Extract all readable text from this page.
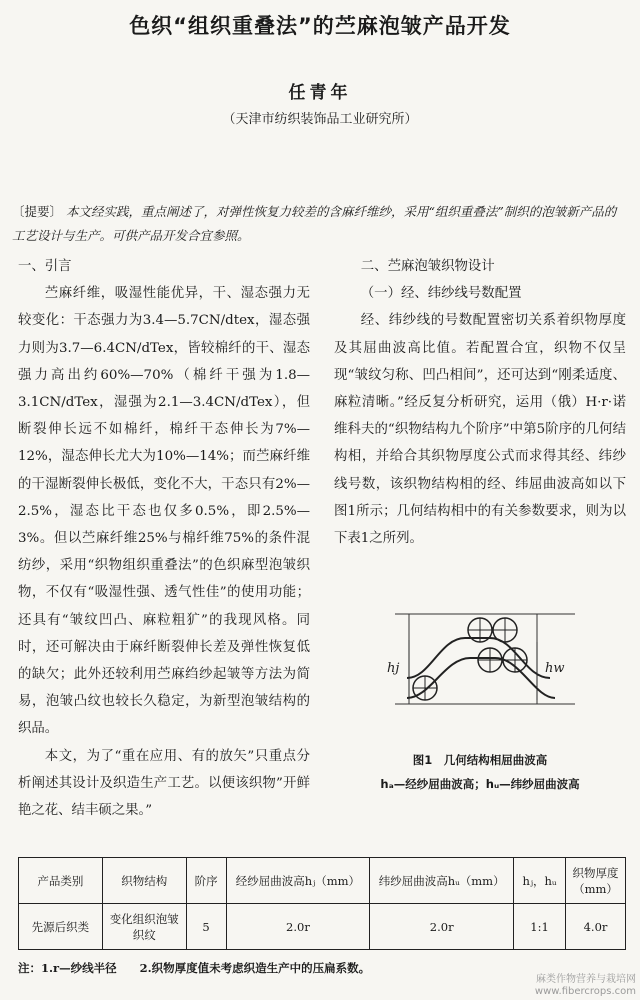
色织“组织重叠法”的苎麻泡皱产品开发
任青年
（天津市纺织装饰品工业研究所）
〔提要〕 本文经实践，重点阐述了，对弹性恢复力较差的含麻纤维纱，采用“组织重叠法”制织的泡皱新产品的工艺设计与生产。可供产品开发合宜参照。
一、引言

苎麻纤维，吸湿性能优异，干、湿态强力无较变化：干态强力为3.4—5.7CN/dtex，湿态强力则为3.7—6.4CN/dTex，皆较棉纤的干、湿态强力高出约60%—70%（棉纤干强为1.8—3.1CN/dTex，湿强为2.1—3.4CN/dTex），但断裂伸长远不如棉纤，棉纤干态伸长为7%—12%，湿态伸长尤大为10%—14%；而苎麻纤维的干湿断裂伸长极低，变化不大，干态只有2%—2.5%，湿态比干态也仅多0.5%，即2.5%—3%。但以苎麻纤维25%与棉纤维75%的条件混纺纱，采用“织物组织重叠法”的色织麻型泡皱织物，不仅有“吸湿性强、透气性佳”的使用功能；还具有“皱纹凹凸、麻粒粗犷”的我现风格。同时，还可解决由于麻纤断裂伸长差及弹性恢复低的缺欠；此外还较利用苎麻绉纱起皱等方法为简易，泡皱凸纹也较长久稳定，为新型泡皱结构的织品。

本文，为了“重在应用、有的放矢”只重点分析阐述其设计及织造生产工艺。以便该织物”开鲜艳之花、结丰硕之果。”

二、苎麻泡皱织物设计
（一）经、纬纱线号数配置

经、纬纱线的号数配置密切关系着织物厚度及其屈曲波高比值。若配置合宜，织物不仅呈现“皱纹匀称、凹凸相间”，还可达到“刚柔适度、麻粒清晰。”经反复分析研究，运用（俄）H·r·诺维科夫的“织物结构九个阶序”中第5阶序的几何结构相，并给合其织物厚度公式而求得其经、纬纱线号数，该织物结构相的经、纬屈曲波高如以下图1所示；几何结构相中的有关参数要求，则为以下表1之所列。

hj	hw
图1　几何结构相屈曲波高
hₐ—经纱屈曲波高；hᵤ—纬纱屈曲波高
产品类别	织物结构	阶序	经纱屈曲波高hⱼ（mm）	纬纱屈曲波高hᵤ（mm）	hⱼ，hᵤ	织物厚度（mm）
先源后织类	变化组织泡皱织纹	5	2.0r	2.0r	1:1	4.0r
注：1.r—纱线半径　　2.织物厚度值未考虑织造生产中的压扁系数。
麻类作物营养与栽培网
www.fibercrops.com
